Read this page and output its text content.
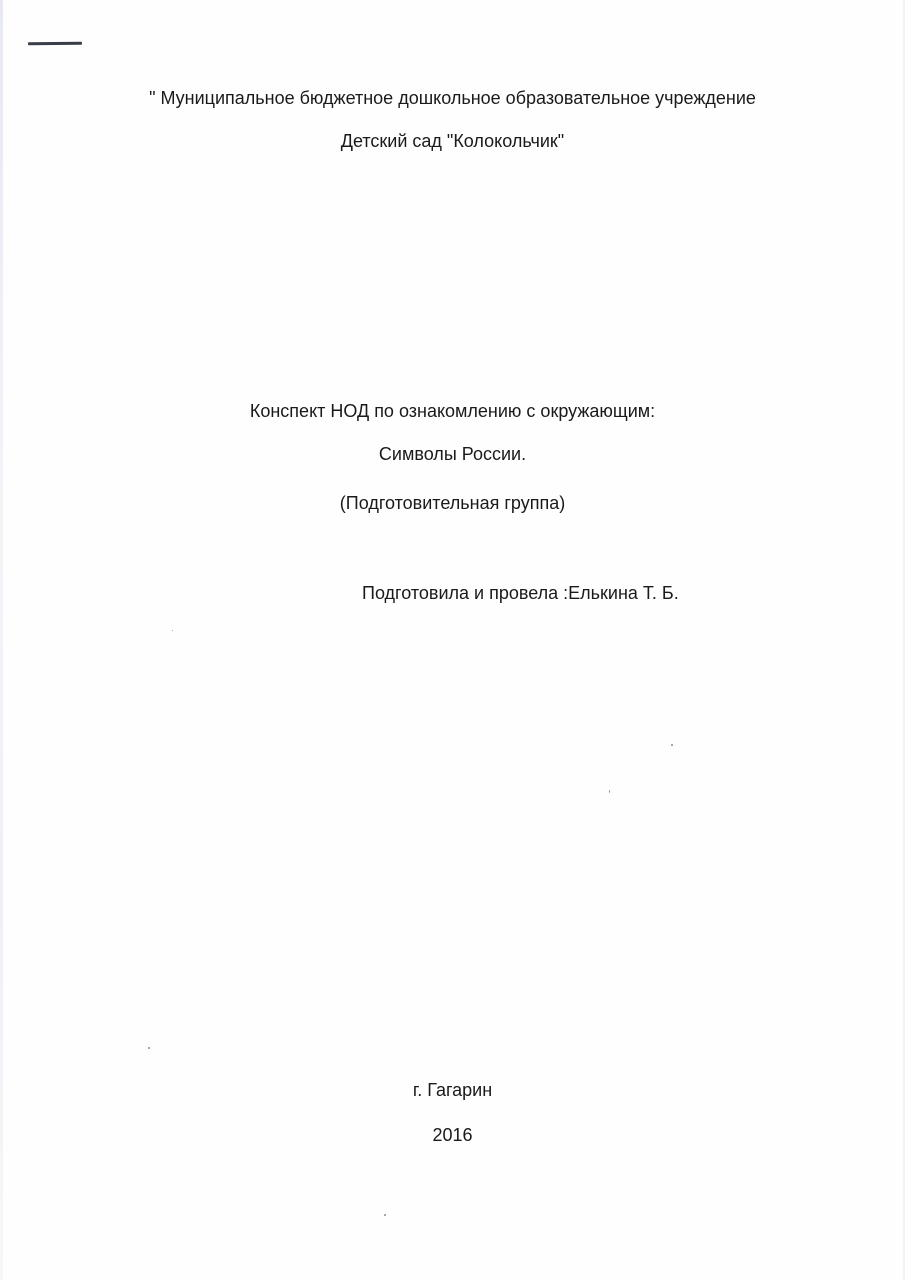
" Муниципальное бюджетное дошкольное образовательное учреждение
Детский сад "Колокольчик"
Конспект НОД по ознакомлению с окружающим:
Символы России.
(Подготовительная группа)
Подготовила и провела :Елькина Т. Б.
г. Гагарин
2016
